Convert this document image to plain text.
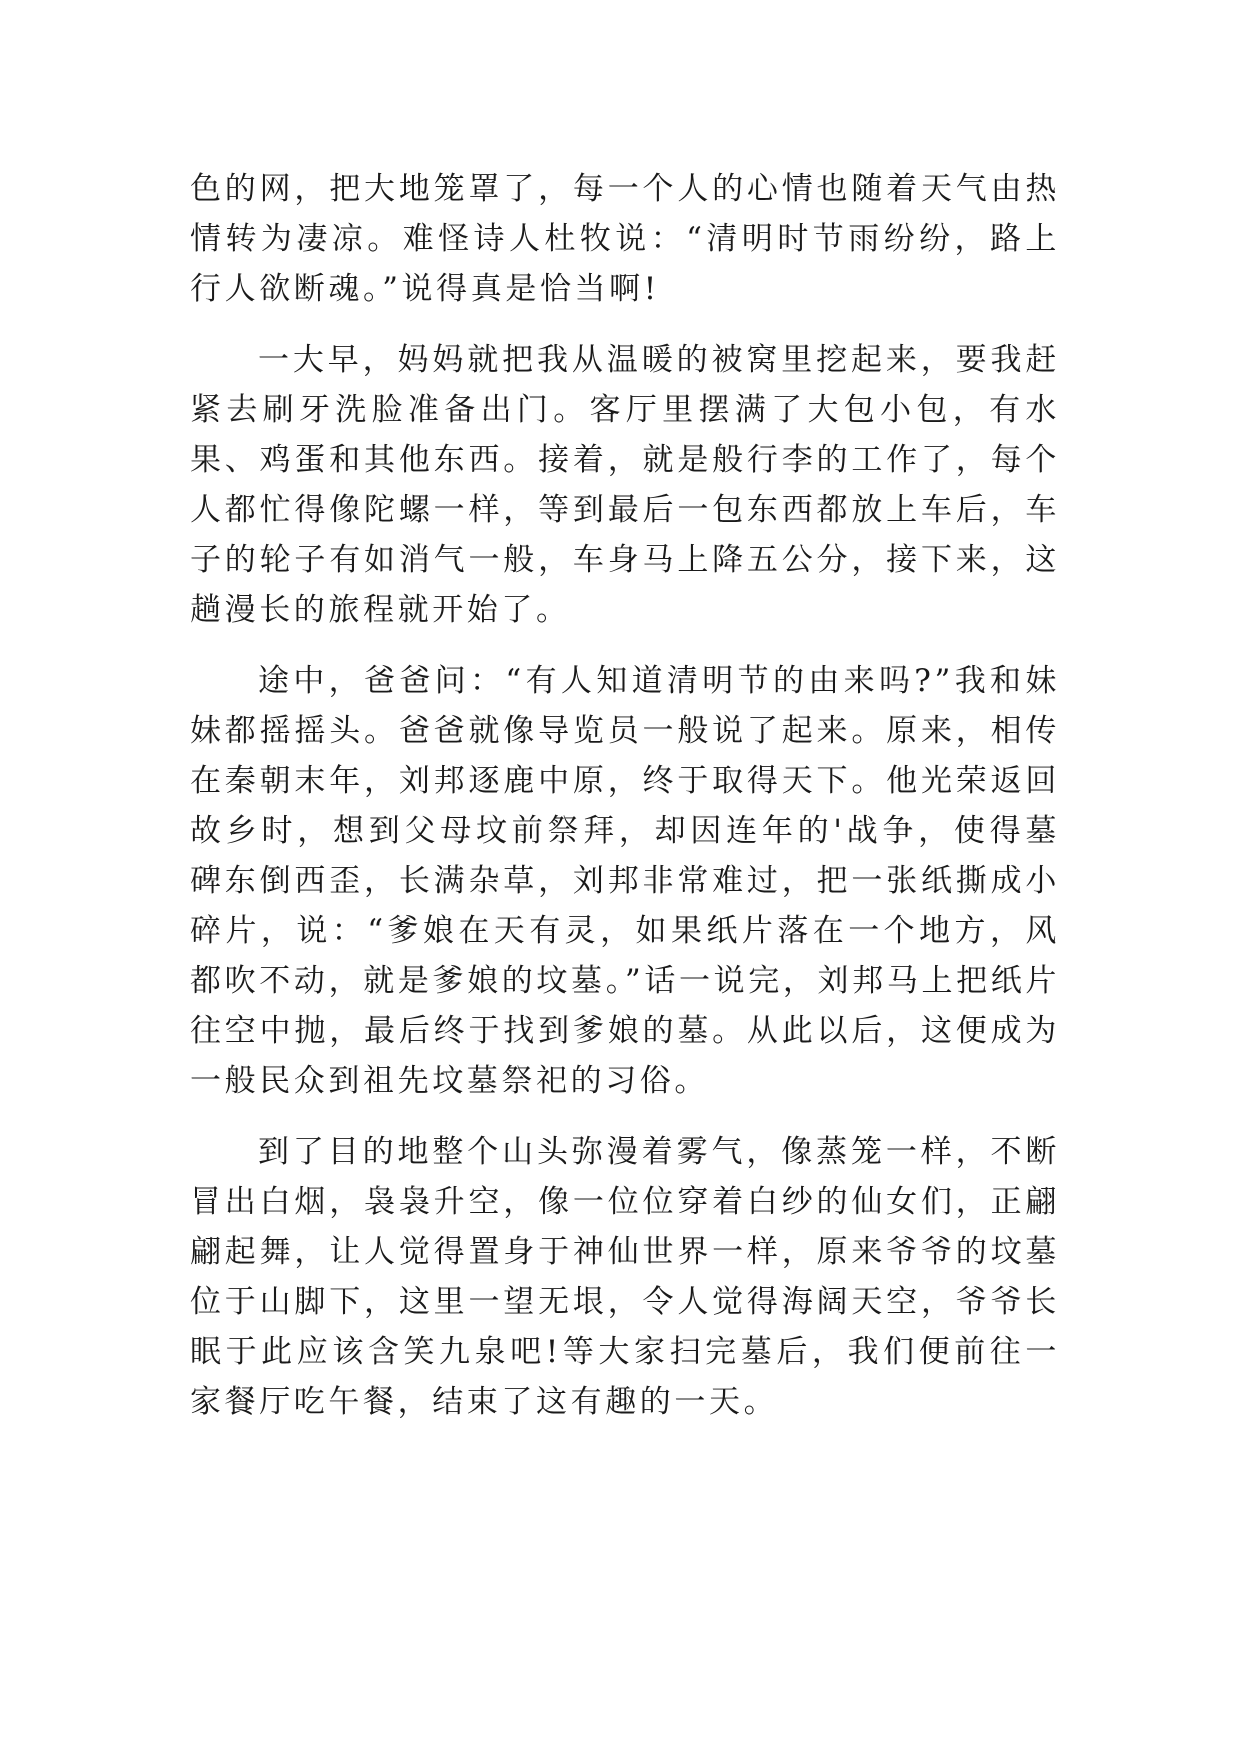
色的网，把大地笼罩了，每一个人的心情也随着天气由热情转为凄凉。难怪诗人杜牧说：“清明时节雨纷纷，路上行人欲断魂。”说得真是恰当啊!

一大早，妈妈就把我从温暖的被窝里挖起来，要我赶紧去刷牙洗脸准备出门。客厅里摆满了大包小包，有水果、鸡蛋和其他东西。接着，就是般行李的工作了，每个人都忙得像陀螺一样，等到最后一包东西都放上车后，车子的轮子有如消气一般，车身马上降五公分，接下来，这趟漫长的旅程就开始了。

途中，爸爸问：“有人知道清明节的由来吗?”我和妹妹都摇摇头。爸爸就像导览员一般说了起来。原来，相传在秦朝末年，刘邦逐鹿中原，终于取得天下。他光荣返回故乡时，想到父母坟前祭拜，却因连年的'战争，使得墓碑东倒西歪，长满杂草，刘邦非常难过，把一张纸撕成小碎片，说：“爹娘在天有灵，如果纸片落在一个地方，风都吹不动，就是爹娘的坟墓。”话一说完，刘邦马上把纸片往空中抛，最后终于找到爹娘的墓。从此以后，这便成为一般民众到祖先坟墓祭祀的习俗。

到了目的地整个山头弥漫着雾气，像蒸笼一样，不断冒出白烟，袅袅升空，像一位位穿着白纱的仙女们，正翩翩起舞，让人觉得置身于神仙世界一样，原来爷爷的坟墓位于山脚下，这里一望无垠，令人觉得海阔天空，爷爷长眠于此应该含笑九泉吧!等大家扫完墓后，我们便前往一家餐厅吃午餐，结束了这有趣的一天。
